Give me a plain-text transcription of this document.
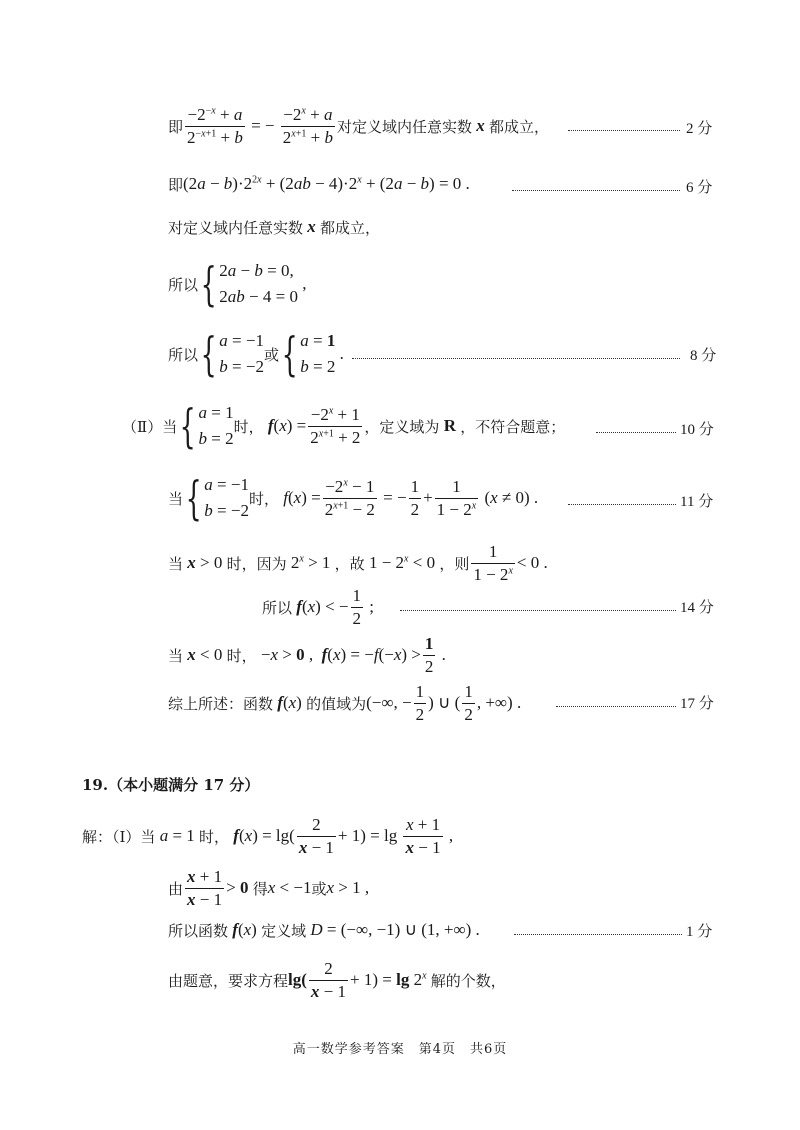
即 $\frac{-2^{-x} + a}{2^{-x+1} + b}$ = − $\frac{-2^x + a}{2^{x+1} + b}$ 对定义域内任意实数 x 都成立，	2 分
即 $(2a - b)\cdot 2^{2x} + (2ab - 4)\cdot 2^x + (2a - b) = 0$ .	6 分
对定义域内任意实数 x 都成立，
所以 { 2a − b = 0,
2ab − 4 = 0
,
所以 { a = −1
b = −2
或 { a = 1
b = 2
.	8 分
（Ⅱ）当 { a = 1
b = 2
时， $f(x) = \frac{-2^x + 1}{2^{x+1} + 2}$ ，定义域为 R ，不符合题意；	10 分
当 { a = −1
b = −2
时， $f(x) = \frac{-2^x - 1}{2^{x+1} - 2}$ = − $\frac{1}{2} + \frac{1}{1 - 2^x} (x \ne 0)$ .	11 分
当 x > 0 时，因为 $2^x > 1$ ，故 $1 - 2^x < 0$ ，则 $\frac{1}{1 - 2^x} < 0$ .
所以 f(x) < − $\frac{1}{2}$ ;	14 分
当 x < 0 时， −x > 0 ,  $f(x) = -f(-x) > \frac{1}{2}$ .
综上所述：函数 f(x) 的值域为 (−∞, − $\frac{1}{2}$ ) ∪ ( $\frac{1}{2}$ , +∞) .	17 分
19.（本小题满分 17 分）
解：（Ⅰ）当 a = 1 时， $f(x) = \lg( \frac{2}{x - 1} + 1) = \lg \frac{x + 1}{x - 1}$ ,
由 $\frac{x + 1}{x - 1} > 0$ 得 x < −1 或 x > 1 ,
所以函数 f(x) 定义域 D = (−∞, −1) ∪ (1, +∞) .	1 分
由题意，要求方程 $\lg( \frac{2}{x - 1} + 1) = \lg 2^x$ 解的个数，
高一数学参考答案　第4页　共6页
